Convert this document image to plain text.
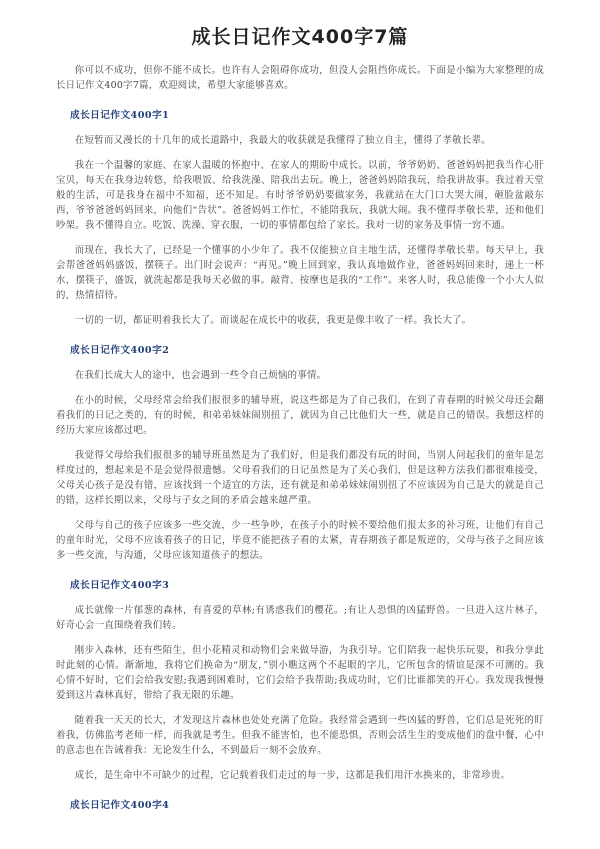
成长日记作文400字7篇

你可以不成功，但你不能不成长。也许有人会阻碍你成功，但没人会阻挡你成长。下面是小编为大家整理的成长日记作文400字7篇，欢迎阅读，希望大家能够喜欢。

成长日记作文400字1

在短暂而又漫长的十几年的成长道路中，我最大的收获就是我懂得了独立自主，懂得了孝敬长辈。

我在一个温馨的家庭、在家人温暖的怀抱中、在家人的期盼中成长。以前，爷爷奶奶、爸爸妈妈把我当作心肝宝贝，每天在我身边转悠，给我喂饭、给我洗澡、陪我出去玩。晚上，爸爸妈妈陪我玩，给我讲故事。我过着天堂般的生活，可是我身在福中不知福，还不知足。有时爷爷奶奶要做家务，我就站在大门口大哭大闹，砸脸盆敲东西，爷爷爸爸妈妈回来，向他们“告状”。爸爸妈妈工作忙，不能陪我玩，我就大闹。我不懂得孝敬长辈，还和他们吵架。我不懂得自立。吃饭、洗澡、穿衣服，一切的事情都包给了家长。我对一切的家务及事情一窍不通。

而现在，我长大了，已经是一个懂事的小少年了。我不仅能独立自主地生活，还懂得孝敬长辈。每天早上，我会帮爸爸妈妈盛饭，摆筷子。出门时会说声：“再见。”晚上回到家，我认真地做作业，爸爸妈妈回来时，递上一杯水，摆筷子，盛饭，就洗起都是我每天必做的事。敲背、按摩也是我的“工作”。来客人时，我总能像一个小大人似的，热情招待。

一切的一切，都证明着我长大了。而谈起在成长中的收获，我更是像丰收了一样。我长大了。

成长日记作文400字2

在我们长成大人的途中，也会遇到一些令自己烦恼的事情。

在小的时候，父母经常会给我们报很多的辅导班，说这些都是为了自己我们，在到了青春期的时候父母还会翻看我们的日记之类的，有的时候，和弟弟妹妹闹别扭了，就因为自己比他们大一些，就是自己的错误。我想这样的经历大家应该都过吧。

我觉得父母给我们报很多的辅导班虽然是为了我们好，但是我们都没有玩的时间，当别人问起我们的童年是怎样度过的，想起来是不是会觉得很遗憾。父母看我们的日记虽然是为了关心我们，但是这种方法我们都很难接受，父母关心孩子是没有错，应该找到一个适宜的方法，还有就是和弟弟妹妹闹别扭了不应该因为自己是大的就是自己的错，这样长期以来，父母与子女之间的矛盾会越来越严重。

父母与自己的孩子应该多一些交流，少一些争吵，在孩子小的时候不要给他们报太多的补习班，让他们有自己的童年时光，父母不应该看孩子的日记，毕竟不能把孩子看的太紧，青春期孩子都是叛逆的，父母与孩子之间应该多一些交流，与沟通，父母应该知道孩子的想法。

成长日记作文400字3

成长就像一片郁葱的森林，有喜爱的草林;有诱惑我们的樱花。;有让人恐惧的凶猛野兽。一旦进入这片林子，好奇心会一直围绕着我们转。

刚步入森林，还有些陌生，但小花精灵和动物们会来做导游，为我引导。它们陪我一起快乐玩耍，和我分享此时此刻的心情。渐渐地，我将它们换命为“朋友，”别小瞧这两个不起眼的字儿，它所包含的情谊是深不可测的。我心情不好时，它们会给我安慰;我遇到困难时，它们会给予我帮助;我成功时，它们比谁都笑的开心。我发现我慢慢爱到这片森林真好，带给了我无限的乐趣。

随着我一天天的长大，才发现这片森林也处处充满了危险。我经常会遇到一些凶猛的野兽，它们总是死死的盯着我，仿佛监考老师一样，而我就是考生。但我不能害怕，也不能恐惧，否则会活生生的变成他们的盘中餐，心中的意志也在告诫着我：无论发生什么，不到最后一刻不会放弃。

成长，是生命中不可缺少的过程，它记载着我们走过的每一步，这都是我们用汗水换来的，非常珍贵。

成长日记作文400字4
